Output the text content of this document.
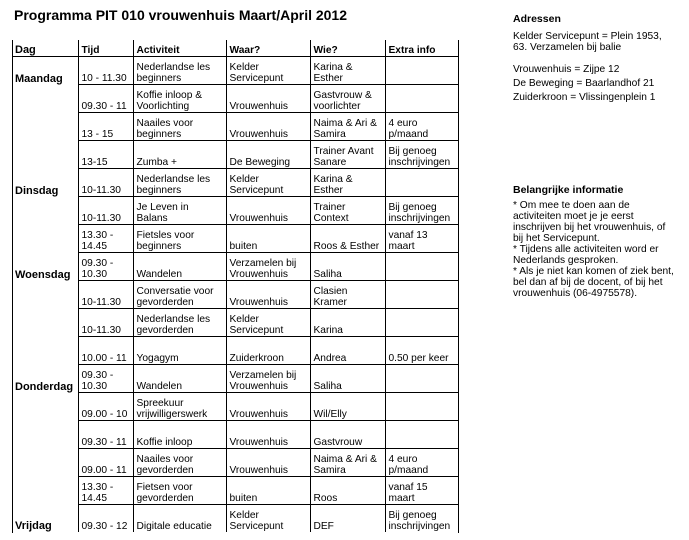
Programma PIT 010 vrouwenhuis Maart/April 2012
Dag	Tijd	Activiteit	Waar?	Wie?	Extra info
Maandag	10 - 11.30	Nederlandse les beginners	Kelder Servicepunt	Karina & Esther	
	09.30 - 11	Koffie inloop & Voorlichting	Vrouwenhuis	Gastvrouw & voorlichter	
	13 - 15	Naailes voor beginners	Vrouwenhuis	Naima & Ari & Samira	4 euro p/maand
	13-15	Zumba +	De Beweging	Trainer Avant Sanare	Bij genoeg inschrijvingen
Dinsdag	10-11.30	Nederlandse les beginners	Kelder Servicepunt	Karina & Esther	
	10-11.30	Je Leven in Balans	Vrouwenhuis	Trainer Context	Bij genoeg inschrijvingen
	13.30 - 14.45	Fietsles voor beginners	buiten	Roos & Esther	vanaf 13 maart
Woensdag	09.30 - 10.30	Wandelen	Verzamelen bij Vrouwenhuis	Saliha	
	10-11.30	Conversatie voor gevorderden	Vrouwenhuis	Clasien Kramer	
	10-11.30	Nederlandse les gevorderden	Kelder Servicepunt	Karina	
	10.00 - 11	Yogagym	Zuiderkroon	Andrea	0.50 per keer
Donderdag	09.30 - 10.30	Wandelen	Verzamelen bij Vrouwenhuis	Saliha	
	09.00 - 10	Spreekuur vrijwilligerswerk	Vrouwenhuis	Wil/Elly	
	09.30 - 11	Koffie inloop	Vrouwenhuis	Gastvrouw	
	09.00 - 11	Naailes voor gevorderden	Vrouwenhuis	Naima & Ari & Samira	4 euro p/maand
	13.30 - 14.45	Fietsen voor gevorderden	buiten	Roos	vanaf 15 maart
Vrijdag	09.30 - 12	Digitale educatie	Kelder Servicepunt	DEF	Bij genoeg inschrijvingen
Adressen

Kelder Servicepunt = Plein 1953, 63. Verzamelen bij balie

Vrouwenhuis = Zijpe 12

De Beweging = Baarlandhof 21

Zuiderkroon = Vlissingenplein 1

Belangrijke informatie

* Om mee te doen aan de activiteiten moet je je eerst inschrijven bij het vrouwenhuis, of bij het Servicepunt.

* Tijdens alle activiteiten word er Nederlands gesproken.

* Als je niet kan komen of ziek bent, bel dan af bij de docent, of bij het vrouwenhuis (06-4975578).
